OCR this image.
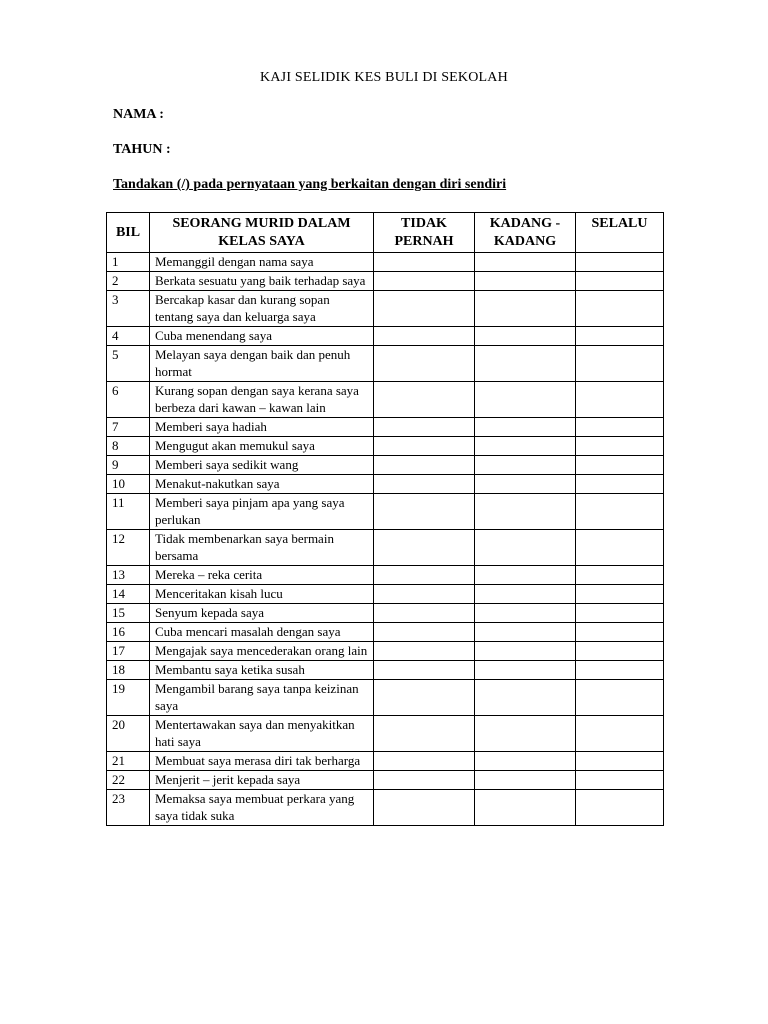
KAJI SELIDIK KES BULI DI SEKOLAH
NAMA :
TAHUN :
Tandakan (/) pada pernyataan yang berkaitan dengan diri sendiri
BIL	SEORANG MURID DALAM KELAS SAYA	TIDAK PERNAH	KADANG - KADANG	SELALU
1	Memanggil dengan nama saya			
2	Berkata sesuatu yang baik terhadap saya			
3	Bercakap kasar dan kurang sopan tentang saya dan keluarga saya			
4	Cuba menendang saya			
5	Melayan saya dengan baik dan penuh hormat			
6	Kurang sopan dengan saya kerana saya berbeza dari kawan – kawan lain			
7	Memberi saya hadiah			
8	Mengugut akan memukul saya			
9	Memberi saya sedikit wang			
10	Menakut-nakutkan saya			
11	Memberi saya pinjam apa yang saya perlukan			
12	Tidak membenarkan saya bermain bersama			
13	Mereka – reka cerita			
14	Menceritakan kisah lucu			
15	Senyum kepada saya			
16	Cuba mencari masalah dengan saya			
17	Mengajak saya mencederakan orang lain			
18	Membantu saya ketika susah			
19	Mengambil barang saya tanpa keizinan saya			
20	Mentertawakan saya dan menyakitkan hati saya			
21	Membuat saya merasa diri tak berharga			
22	Menjerit – jerit kepada saya			
23	Memaksa saya membuat perkara yang saya tidak suka			
